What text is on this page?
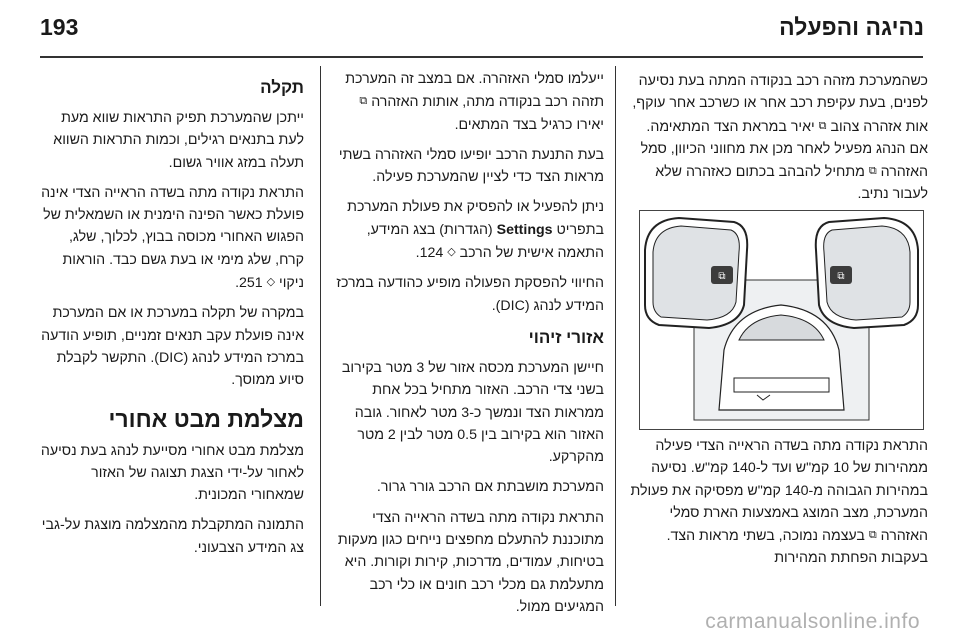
נהיגה והפעלה
193

כשהמערכת מזהה רכב בנקודה המתה בעת נסיעה לפנים, בעת עקיפת רכב אחר או כשרכב אחר עוקף, אות אזהרה צהוב ⧉ יאיר במראת הצד המתאימה. אם הנהג מפעיל לאחר מכן את מחווני הכיוון, סמל האזהרה ⧉ מתחיל להבהב בכתום כאזהרה שלא לעבור נתיב.

⧉	⧉

התראת נקודה מתה בשדה הראייה הצדי פעילה ממהירות של 10 קמ"ש ועד ל-140 קמ"ש. נסיעה במהירות הגבוהה מ-140 קמ"ש מפסיקה את פעולת המערכת, מצב המוצג באמצעות הארת סמלי האזהרה ⧉ בעצמה נמוכה, בשתי מראות הצד. בעקבות הפחתת המהירות

ייעלמו סמלי האזהרה. אם במצב זה המערכת תזהה רכב בנקודה מתה, אותות האזהרה ⧉ יאירו כרגיל בצד המתאים.

בעת התנעת הרכב יופיעו סמלי האזהרה בשתי מראות הצד כדי לציין שהמערכת פעילה.

ניתן להפעיל או להפסיק את פעולת המערכת בתפריט Settings (הגדרות) בצג המידע, התאמה אישית של הרכב ◇ 124.

החיווי להפסקת הפעולה מופיע כהודעה במרכז המידע לנהג (DIC).

אזורי זיהוי

חיישן המערכת מכסה אזור של 3 מטר בקירוב בשני צדי הרכב. האזור מתחיל בכל אחת ממראות הצד ונמשך כ-3 מטר לאחור. גובה האזור הוא בקירוב בין 0.5 מטר לבין 2 מטר מהקרקע.

המערכת מושבתת אם הרכב גורר גרור.

התראת נקודה מתה בשדה הראייה הצדי מתוכננת להתעלם מחפצים נייחים כגון מעקות בטיחות, עמודים, מדרכות, קירות וקורות. היא מתעלמת גם מכלי רכב חונים או כלי רכב המגיעים ממול.

תקלה

ייתכן שהמערכת תפיק התראות שווא מעת לעת בתנאים רגילים, וכמות התראות השווא תעלה במזג אוויר גשום.

התראת נקודה מתה בשדה הראייה הצדי אינה פועלת כאשר הפינה הימנית או השמאלית של הפגוש האחורי מכוסה בבוץ, לכלוך, שלג, קרח, שלג מימי או בעת גשם כבד. הוראות ניקוי ◇ 251.

במקרה של תקלה במערכת או אם המערכת אינה פועלת עקב תנאים זמניים, תופיע הודעה במרכז המידע לנהג (DIC). התקשר לקבלת סיוע ממוסך.

מצלמת מבט אחורי

מצלמת מבט אחורי מסייעת לנהג בעת נסיעה לאחור על-ידי הצגת תצוגה של האזור שמאחורי המכונית.

התמונה המתקבלת מהמצלמה מוצגת על-גבי צג המידע הצבעוני.

carmanualsonline.info
